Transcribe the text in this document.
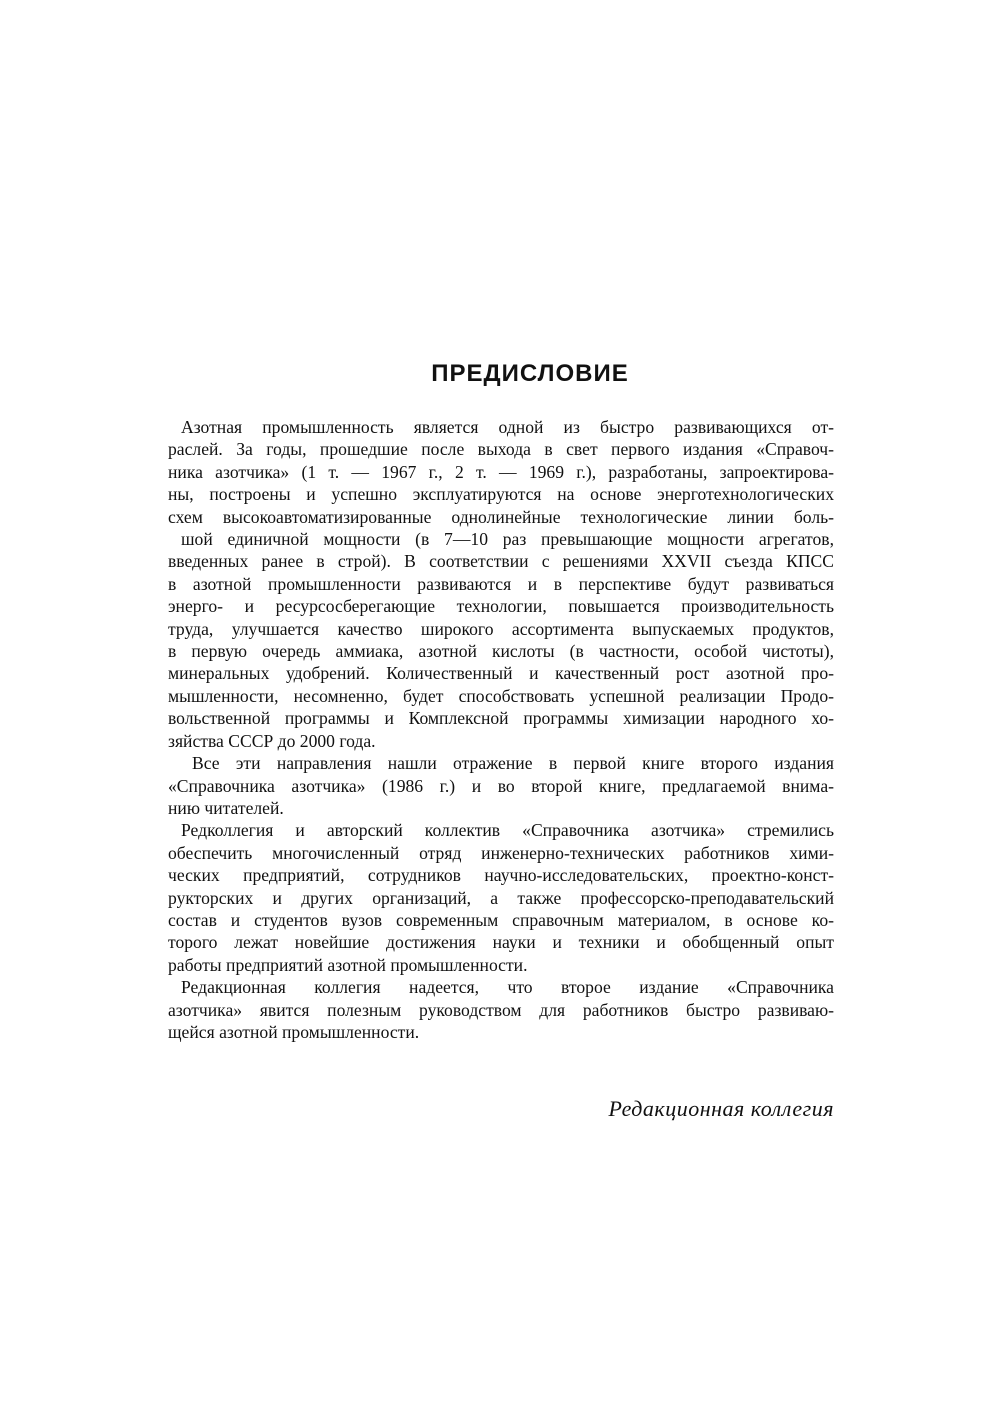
ПРЕДИСЛОВИЕ

Азотная промышленность является одной из быстро развивающихся от-
раслей. За годы, прошедшие после выхода в свет первого издания «Справоч-
ника азотчика» (1 т. — 1967 г., 2 т. — 1969 г.), разработаны, запроектирова-
ны, построены и успешно эксплуатируются на основе энерготехнологических
схем высокоавтоматизированные однолинейные технологические линии боль-
шой единичной мощности (в 7—10 раз превышающие мощности агрегатов,
введенных ранее в строй). В соответствии с решениями XXVII съезда КПСС
в азотной промышленности развиваются и в перспективе будут развиваться
энерго- и ресурсосберегающие технологии, повышается производительность
труда, улучшается качество широкого ассортимента выпускаемых продуктов,
в первую очередь аммиака, азотной кислоты (в частности, особой чистоты),
минеральных удобрений. Количественный и качественный рост азотной про-
мышленности, несомненно, будет способствовать успешной реализации Продо-
вольственной программы и Комплексной программы химизации народного хо-
зяйства СССР до 2000 года.

Все эти направления нашли отражение в первой книге второго издания
«Справочника азотчика» (1986 г.) и во второй книге, предлагаемой внима-
нию читателей.

Редколлегия и авторский коллектив «Справочника азотчика» стремились
обеспечить многочисленный отряд инженерно-технических работников хими-
ческих предприятий, сотрудников научно-исследовательских, проектно-конст-
рукторских и других организаций, а также профессорско-преподавательский
состав и студентов вузов современным справочным материалом, в основе ко-
торого лежат новейшие достижения науки и техники и обобщенный опыт
работы предприятий азотной промышленности.

Редакционная коллегия надеется, что второе издание «Справочника
азотчика» явится полезным руководством для работников быстро развиваю-
щейся азотной промышленности.

Редакционная коллегия
